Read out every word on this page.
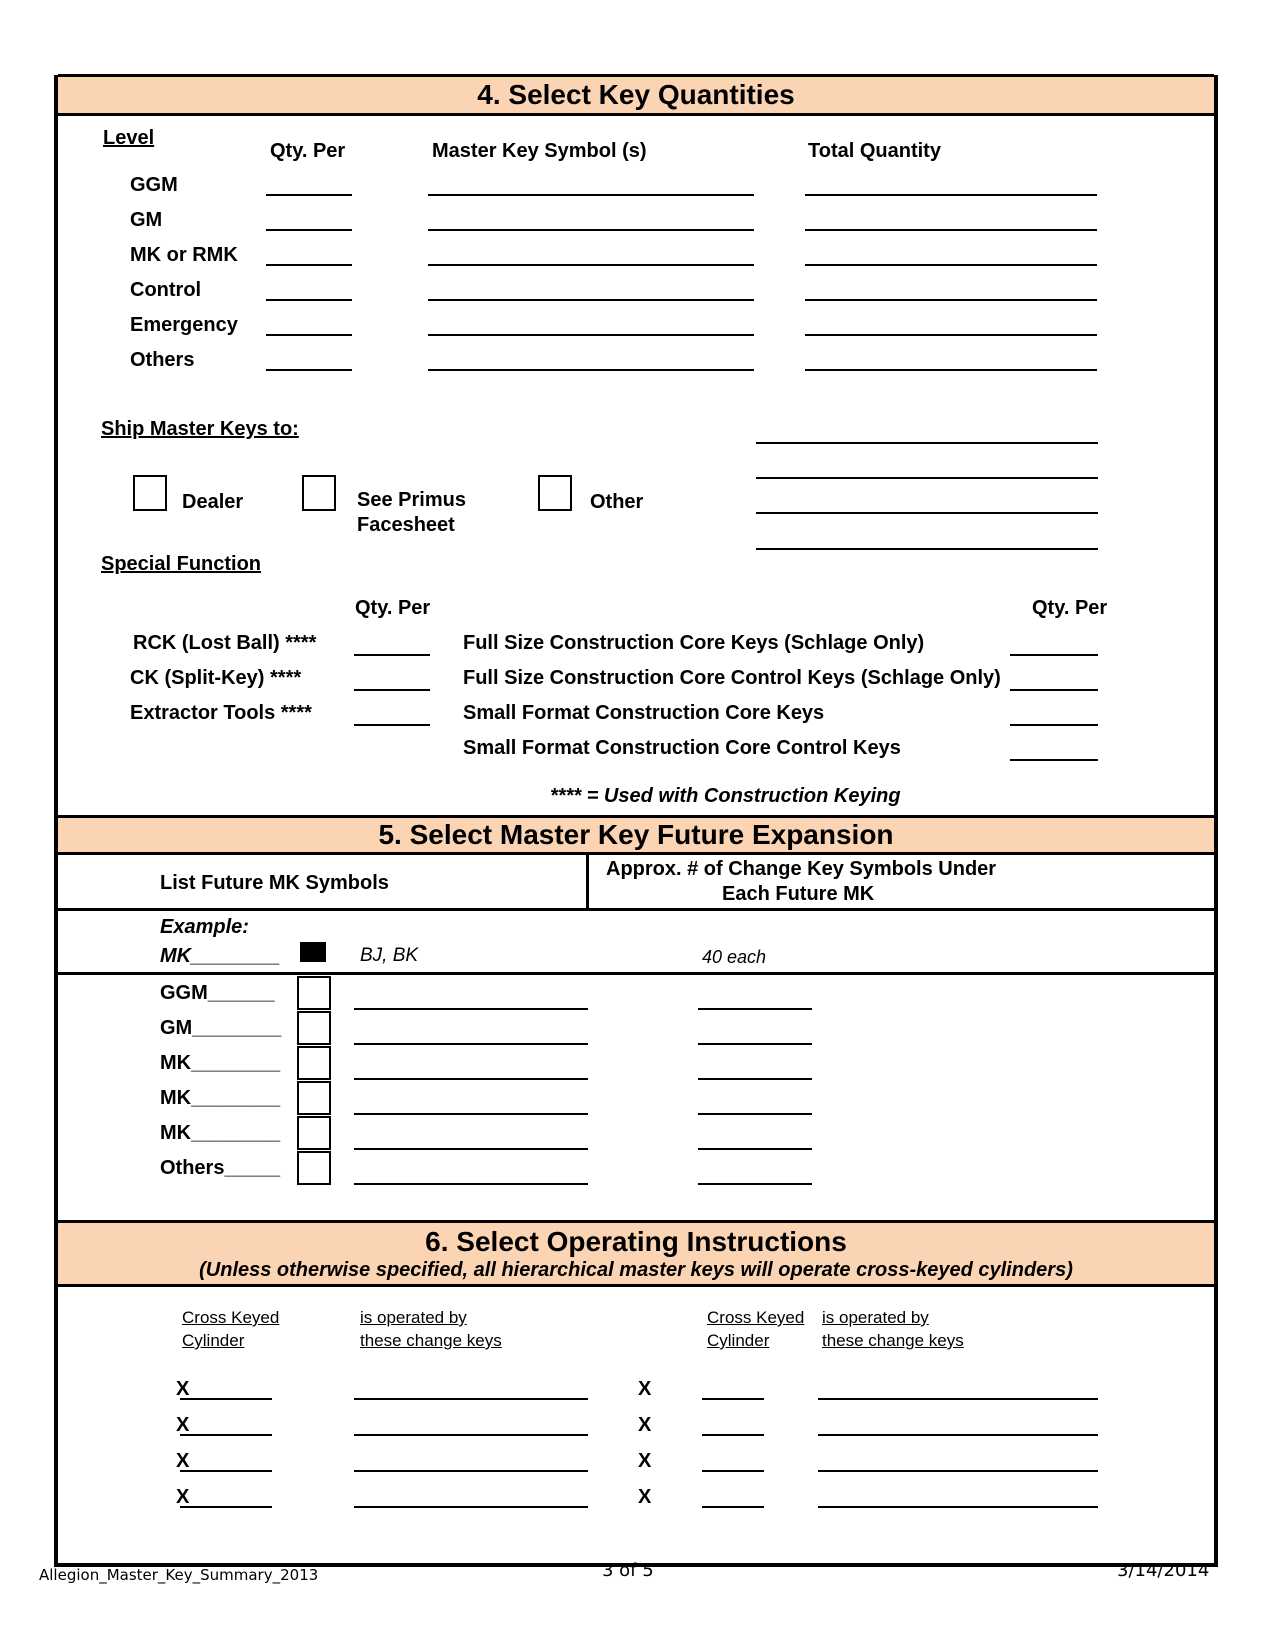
4. Select Key Quantities
Level
Qty. Per	Master Key Symbol (s)	Total Quantity
GGM
GM
MK or RMK
Control
Emergency
Others
Ship Master Keys to:
Dealer	See Primus
Facesheet
Other
Special Function
Qty. Per	Qty. Per
RCK (Lost Ball) ****
CK (Split-Key) ****
Extractor Tools ****
Full Size Construction Core Keys (Schlage Only)
Full Size Construction Core Control Keys (Schlage Only)
Small Format Construction Core Keys
Small Format Construction Core Control Keys
**** = Used with Construction Keying
5. Select Master Key Future Expansion
List Future MK Symbols
Approx. # of Change Key Symbols Under
Each Future MK
Example:
MK________	BJ, BK	40 each
GGM______
GM________
MK________
MK________
MK________
Others_____
6. Select Operating Instructions
(Unless otherwise specified, all hierarchical master keys will operate cross-keyed cylinders)
Cross Keyed
Cylinder
is operated by
these change keys
Cross Keyed
Cylinder
is operated by
these change keys
X
X
X
X
X
X
X
X
Allegion_Master_Key_Summary_2013	3 of 5	3/14/2014
